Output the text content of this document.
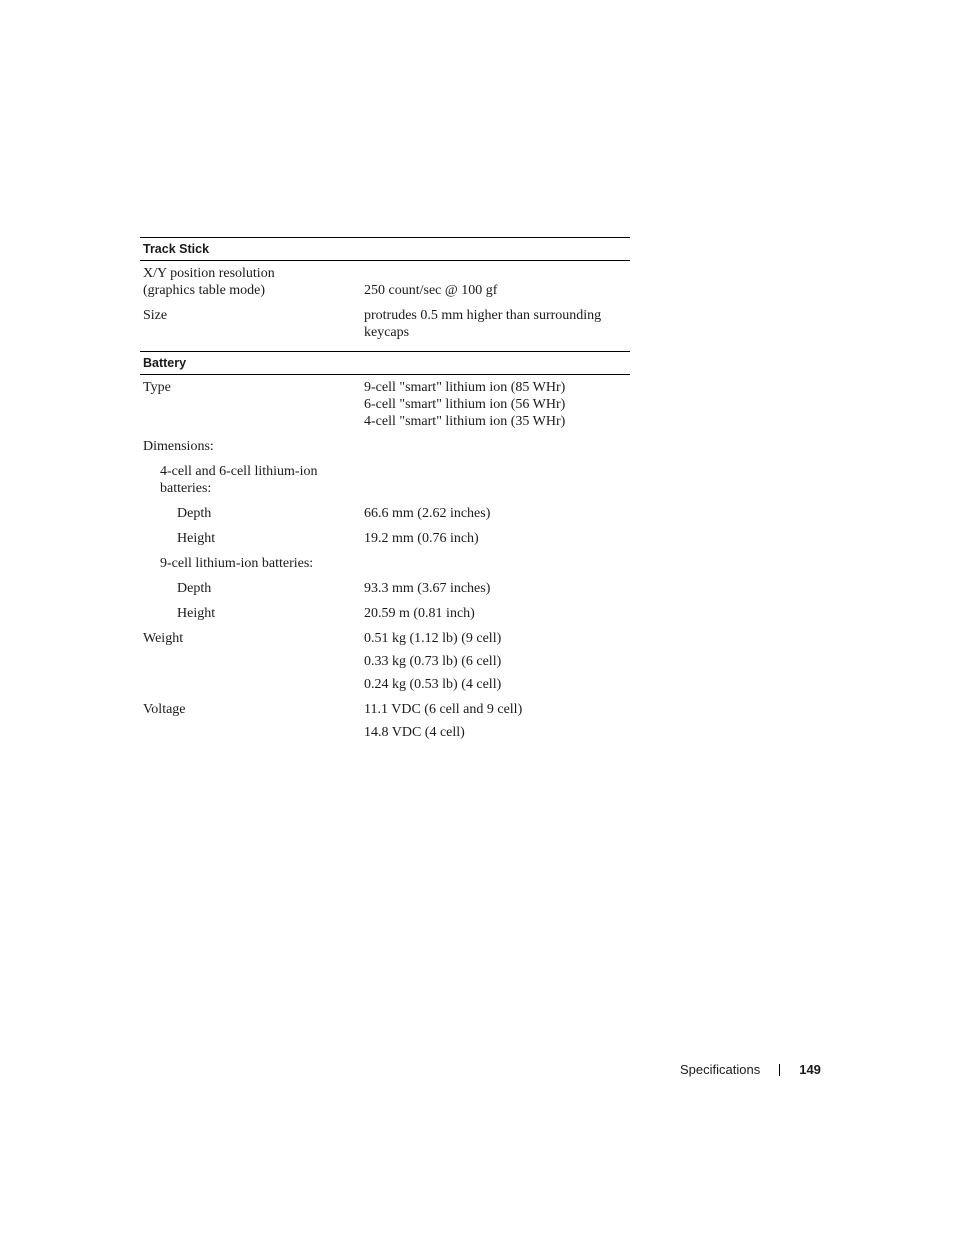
Track Stick
X/Y position resolution
(graphics table mode)	250 count/sec @ 100 gf
Size	protrudes 0.5 mm higher than surrounding
keycaps
Battery
Type	9-cell "smart" lithium ion (85 WHr)
6-cell "smart" lithium ion (56 WHr)
4-cell "smart" lithium ion (35 WHr)
Dimensions:
4-cell and 6-cell lithium-ion
batteries:
Depth	66.6 mm (2.62 inches)
Height	19.2 mm (0.76 inch)
9-cell lithium-ion batteries:
Depth	93.3 mm (3.67 inches)
Height	20.59 m (0.81 inch)
Weight	0.51 kg (1.12 lb) (9 cell)
0.33 kg (0.73 lb) (6 cell)
0.24 kg (0.53 lb) (4 cell)
Voltage	11.1 VDC (6 cell and 9 cell)
14.8 VDC (4 cell)
Specifications	149
